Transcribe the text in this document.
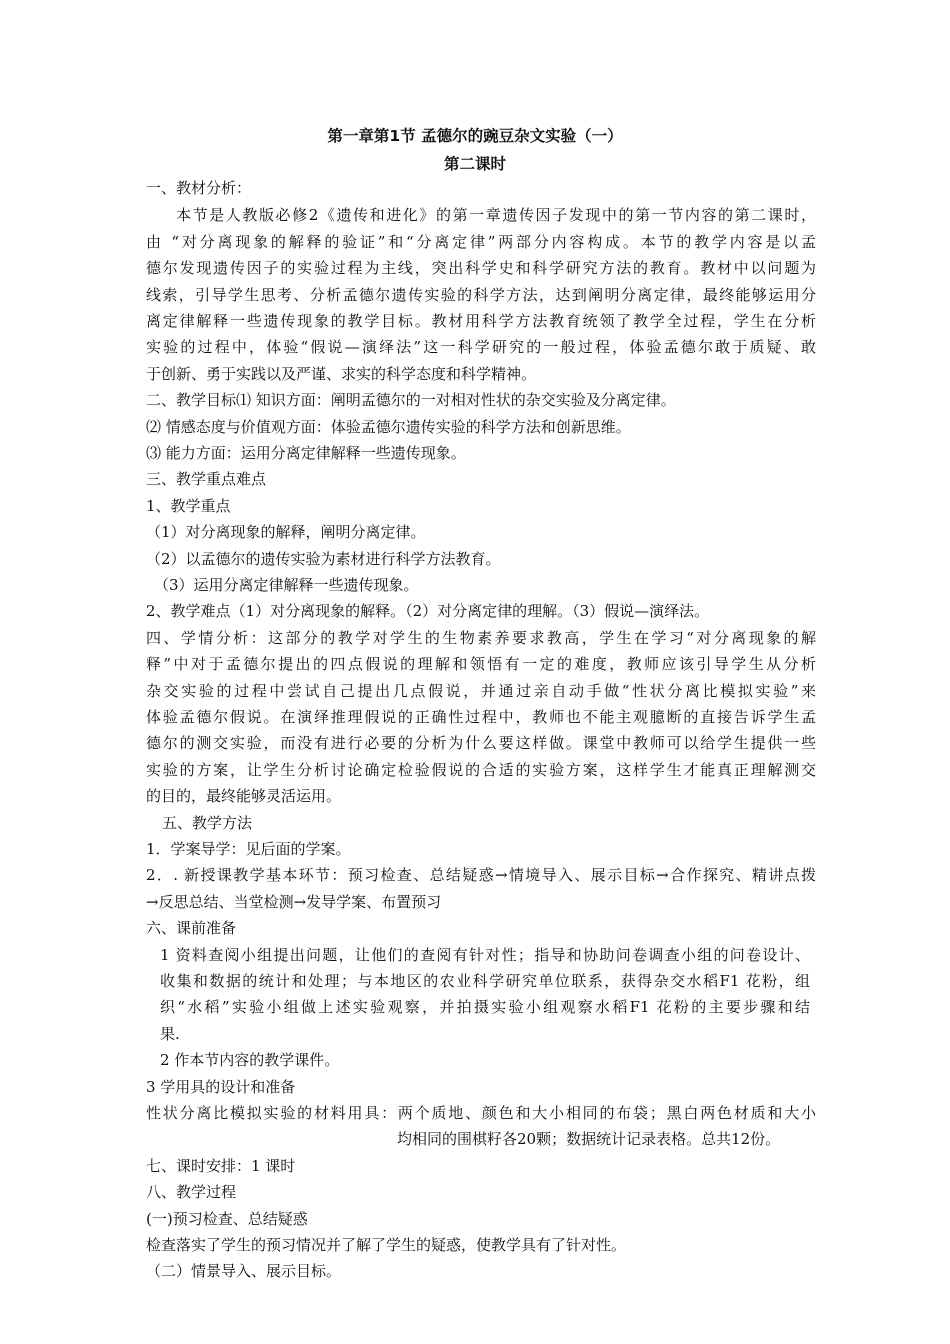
第一章第1节 孟德尔的豌豆杂文实验（一）
第二课时
一、教材分析：
本节是人教版必修2《遗传和进化》的第一章遗传因子发现中的第一节内容的第二课时，
由 “对分离现象的解释的验证”和“分离定律”两部分内容构成。本节的教学内容是以孟
德尔发现遗传因子的实验过程为主线，突出科学史和科学研究方法的教育。教材中以问题为
线索，引导学生思考、分析孟德尔遗传实验的科学方法，达到阐明分离定律，最终能够运用分
离定律解释一些遗传现象的教学目标。教材用科学方法教育统领了教学全过程，学生在分析
实验的过程中，体验“假说—演绎法”这一科学研究的一般过程，体验孟德尔敢于质疑、敢
于创新、勇于实践以及严谨、求实的科学态度和科学精神。
二、教学目标⑴ 知识方面：阐明孟德尔的一对相对性状的杂交实验及分离定律。
⑵ 情感态度与价值观方面：体验孟德尔遗传实验的科学方法和创新思维。
⑶ 能力方面：运用分离定律解释一些遗传现象。
三、教学重点难点
1、教学重点
（1）对分离现象的解释，阐明分离定律。
（2）以孟德尔的遗传实验为素材进行科学方法教育。
（3）运用分离定律解释一些遗传现象。
2、教学难点（1）对分离现象的解释。（2）对分离定律的理解。（3）假说—演绎法。
四、学情分析：这部分的教学对学生的生物素养要求教高，学生在学习“对分离现象的解
释”中对于孟德尔提出的四点假说的理解和领悟有一定的难度，教师应该引导学生从分析
杂交实验的过程中尝试自己提出几点假说，并通过亲自动手做“性状分离比模拟实验”来
体验孟德尔假说。在演绎推理假说的正确性过程中，教师也不能主观臆断的直接告诉学生孟
德尔的测交实验，而没有进行必要的分析为什么要这样做。课堂中教师可以给学生提供一些
实验的方案，让学生分析讨论确定检验假说的合适的实验方案，这样学生才能真正理解测交
的目的，最终能够灵活运用。
五、教学方法
1．学案导学：见后面的学案。
2．. 新授课教学基本环节：预习检查、总结疑惑→情境导入、展示目标→合作探究、精讲点拨
→反思总结、当堂检测→发导学案、布置预习
六、课前准备
1 资料查阅小组提出问题，让他们的查阅有针对性；指导和协助问卷调查小组的问卷设计、
收集和数据的统计和处理；与本地区的农业科学研究单位联系，获得杂交水稻F1 花粉，组
织“水稻”实验小组做上述实验观察，并拍摄实验小组观察水稻F1 花粉的主要步骤和结
果.
2 作本节内容的教学课件。
3 学用具的设计和准备
性状分离比模拟实验的材料用具：两个质地、颜色和大小相同的布袋；黑白两色材质和大小
均相同的围棋籽各20颗；数据统计记录表格。总共12份。
七、课时安排：1 课时
八、教学过程
(一)预习检查、总结疑惑
检查落实了学生的预习情况并了解了学生的疑惑，使教学具有了针对性。
（二）情景导入、展示目标。
